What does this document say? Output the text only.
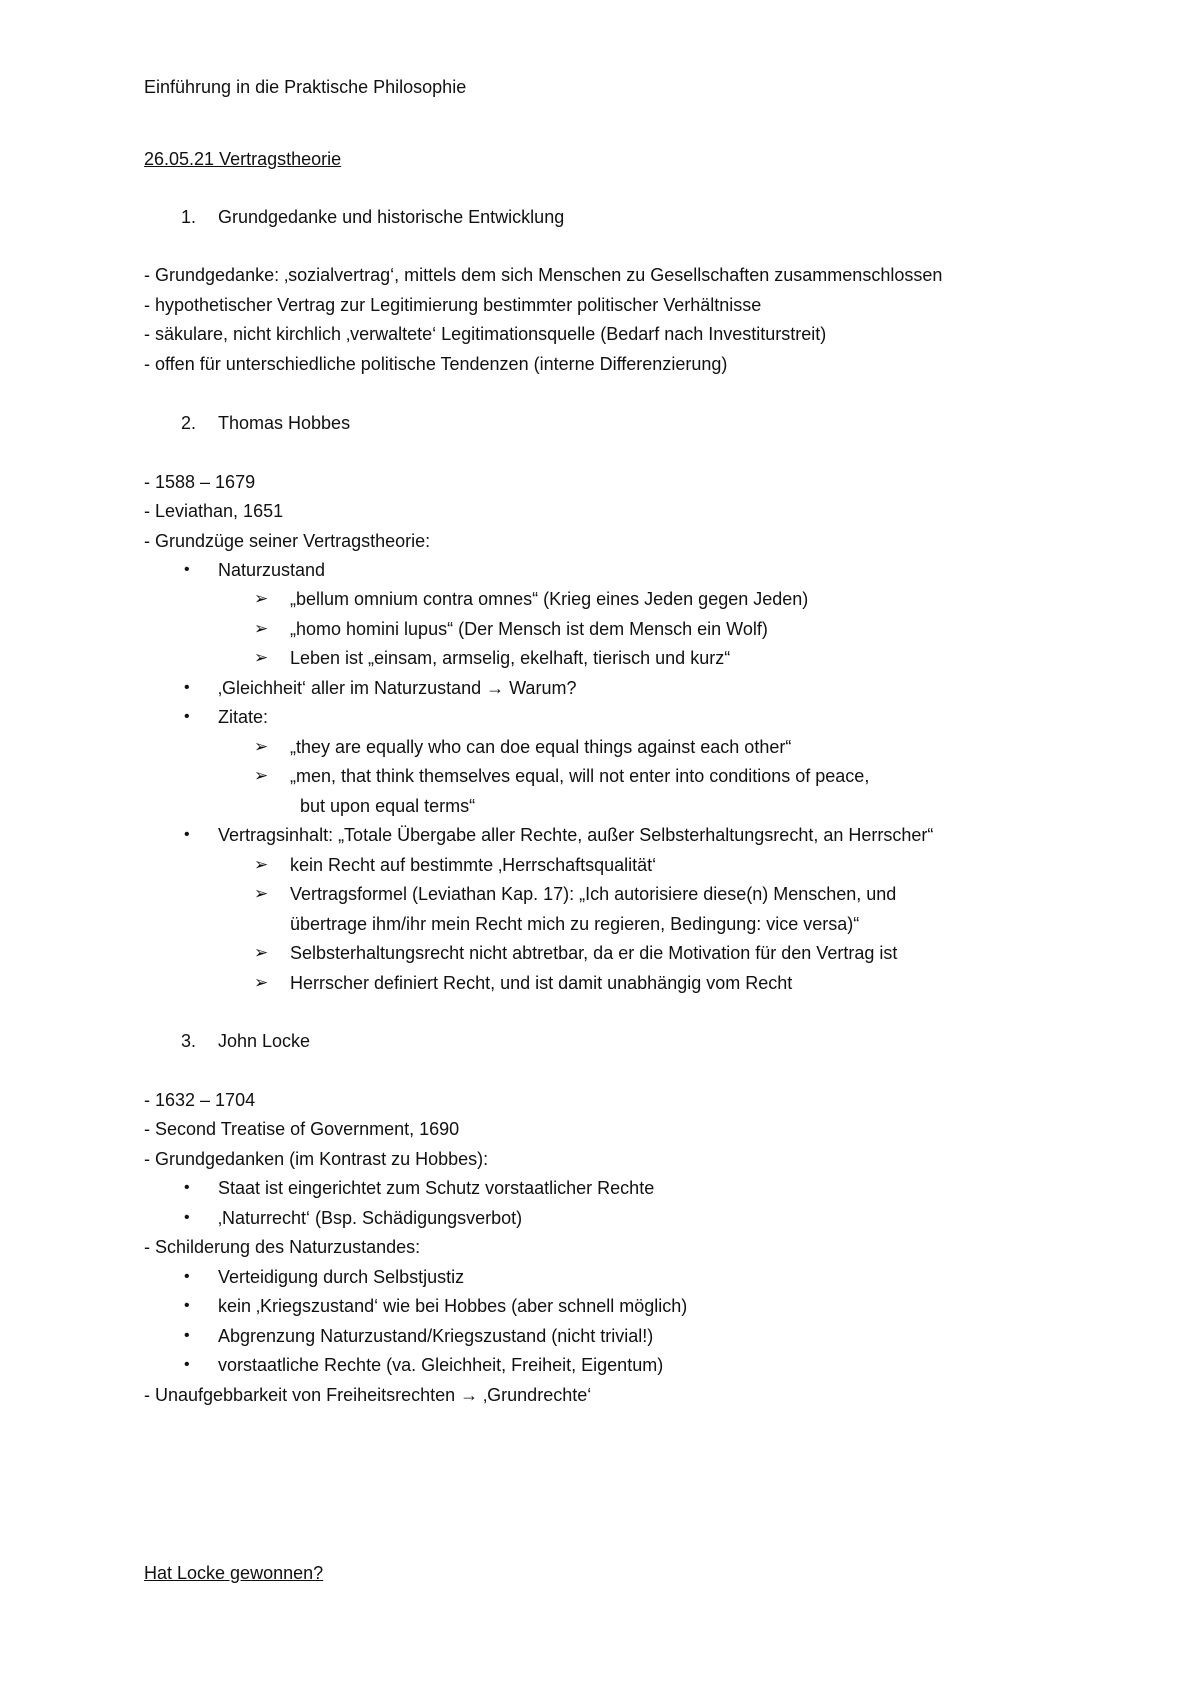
Einführung in die Praktische Philosophie
26.05.21 Vertragstheorie
1. Grundgedanke und historische Entwicklung
- Grundgedanke: ‚sozialvertrag‘, mittels dem sich Menschen zu Gesellschaften zusammenschlossen
- hypothetischer Vertrag zur Legitimierung bestimmter politischer Verhältnisse
- säkulare, nicht kirchlich ‚verwaltete‘ Legitimationsquelle (Bedarf nach Investiturstreit)
- offen für unterschiedliche politische Tendenzen (interne Differenzierung)
2. Thomas Hobbes
- 1588 – 1679
- Leviathan, 1651
- Grundzüge seiner Vertragstheorie:
• Naturzustand
➢ „bellum omnium contra omnes“ (Krieg eines Jeden gegen Jeden)
➢ „homo homini lupus“ (Der Mensch ist dem Mensch ein Wolf)
➢ Leben ist „einsam, armselig, ekelhaft, tierisch und kurz“
• ‚Gleichheit‘ aller im Naturzustand → Warum?
• Zitate:
➢ „they are equally who can doe equal things against each other“
➢ „men, that think themselves equal, will not enter into conditions of peace,
but upon equal terms“
• Vertragsinhalt: „Totale Übergabe aller Rechte, außer Selbsterhaltungsrecht, an Herrscher“
➢ kein Recht auf bestimmte ‚Herrschaftsqualität‘
➢ Vertragsformel (Leviathan Kap. 17): „Ich autorisiere diese(n) Menschen, und
übertrage ihm/ihr mein Recht mich zu regieren, Bedingung: vice versa)“
➢ Selbsterhaltungsrecht nicht abtretbar, da er die Motivation für den Vertrag ist
➢ Herrscher definiert Recht, und ist damit unabhängig vom Recht
3. John Locke
- 1632 – 1704
- Second Treatise of Government, 1690
- Grundgedanken (im Kontrast zu Hobbes):
• Staat ist eingerichtet zum Schutz vorstaatlicher Rechte
• ‚Naturrecht‘ (Bsp. Schädigungsverbot)
- Schilderung des Naturzustandes:
• Verteidigung durch Selbstjustiz
• kein ‚Kriegszustand‘ wie bei Hobbes (aber schnell möglich)
• Abgrenzung Naturzustand/Kriegszustand (nicht trivial!)
• vorstaatliche Rechte (va. Gleichheit, Freiheit, Eigentum)
- Unaufgebbarkeit von Freiheitsrechten → ‚Grundrechte‘
Hat Locke gewonnen?
